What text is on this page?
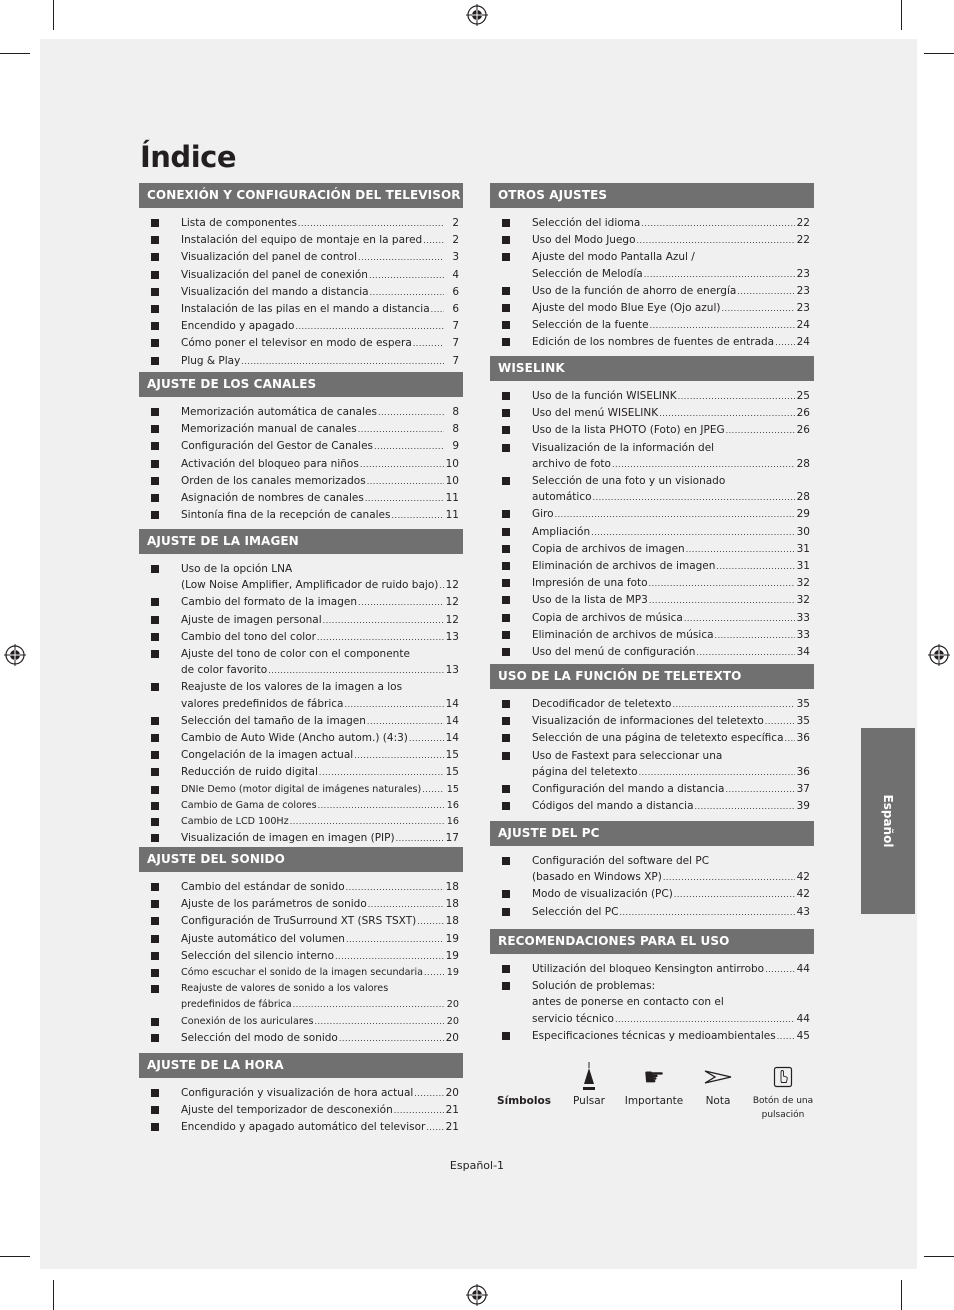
Índice
CONEXIÓN Y CONFIGURACIÓN DEL TELEVISOR
Lista de componentes .....	2
Instalación del equipo de montaje en la pared .....	2
Visualización del panel de control .....	3
Visualización del panel de conexión .....	4
Visualización del mando a distancia .....	6
Instalación de las pilas en el mando a distancia .....	6
Encendido y apagado .....	7
Cómo poner el televisor en modo de espera .....	7
Plug & Play .....	7
AJUSTE DE LOS CANALES
Memorización automática de canales .....	8
Memorización manual de canales .....	8
Configuración del Gestor de Canales .....	9
Activación del bloqueo para niños .....	10
Orden de los canales memorizados .....	10
Asignación de nombres de canales .....	11
Sintonía fina de la recepción de canales .....	11
AJUSTE DE LA IMAGEN
Uso de la opción LNA
(Low Noise Amplifier, Amplificador de ruido bajo) ..... 12
Cambio del formato de la imagen .....	12
Ajuste de imagen personal .....	12
Cambio del tono del color .....	13
Ajuste del tono de color con el componente
de color favorito .....	13
Reajuste de los valores de la imagen a los
valores predefinidos de fábrica .....	14
Selección del tamaño de la imagen .....	14
Cambio de Auto Wide (Ancho autom.) (4:3) .....	14
Congelación de la imagen actual .....	15
Reducción de ruido digital .....	15
DNIe Demo (motor digital de imágenes naturales) .....	15
Cambio de Gama de colores .....	16
Cambio de LCD 100Hz .....	16
Visualización de imagen en imagen (PIP) .....	17
AJUSTE DEL SONIDO
Cambio del estándar de sonido .....	18
Ajuste de los parámetros de sonido .....	18
Configuración de TruSurround XT (SRS TSXT) .....	18
Ajuste automático del volumen .....	19
Selección del silencio interno .....	19
Cómo escuchar el sonido de la imagen secundaria ..... 19
Reajuste de valores de sonido a los valores
predefinidos de fábrica .....	20
Conexión de los auriculares .....	20
Selección del modo de sonido .....	20
AJUSTE DE LA HORA
Configuración y visualización de hora actual .....	20
Ajuste del temporizador de desconexión .....	21
Encendido y apagado automático del televisor ..... 21
OTROS AJUSTES
Selección del idioma .....	22
Uso del Modo Juego .....	22
Ajuste del modo Pantalla Azul /
Selección de Melodía .....	23
Uso de la función de ahorro de energía .....	23
Ajuste del modo Blue Eye (Ojo azul) .....	23
Selección de la fuente .....	24
Edición de los nombres de fuentes de entrada ..... 24
WISELINK
Uso de la función WISELINK .....	25
Uso del menú WISELINK .....	26
Uso de la lista PHOTO (Foto) en JPEG .....	26
Visualización de la información del
archivo de foto .....	28
Selección de una foto y un visionado
automático .....	28
Giro .....	29
Ampliación .....	30
Copia de archivos de imagen .....	31
Eliminación de archivos de imagen .....	31
Impresión de una foto .....	32
Uso de la lista de MP3 .....	32
Copia de archivos de música .....	33
Eliminación de archivos de música .....	33
Uso del menú de configuración .....	34
USO DE LA FUNCIÓN DE TELETEXTO
Decodificador de teletexto .....	35
Visualización de informaciones del teletexto .....	35
Selección de una página de teletexto específica ..... 36
Uso de Fastext para seleccionar una
página del teletexto .....	36
Configuración del mando a distancia .....	37
Códigos del mando a distancia .....	39
AJUSTE DEL PC
Configuración del software del PC
(basado en Windows XP) .....	42
Modo de visualización (PC) .....	42
Selección del PC .....	43
RECOMENDACIONES PARA EL USO
Utilización del bloqueo Kensington antirrobo .....	44
Solución de problemas:
antes de ponerse en contacto con el
servicio técnico .....	44
Especificaciones técnicas y medioambientales ..... 45
Español
Símbolos	Pulsar
☛
Importante	Nota	Botón de una pulsación
Español-1
